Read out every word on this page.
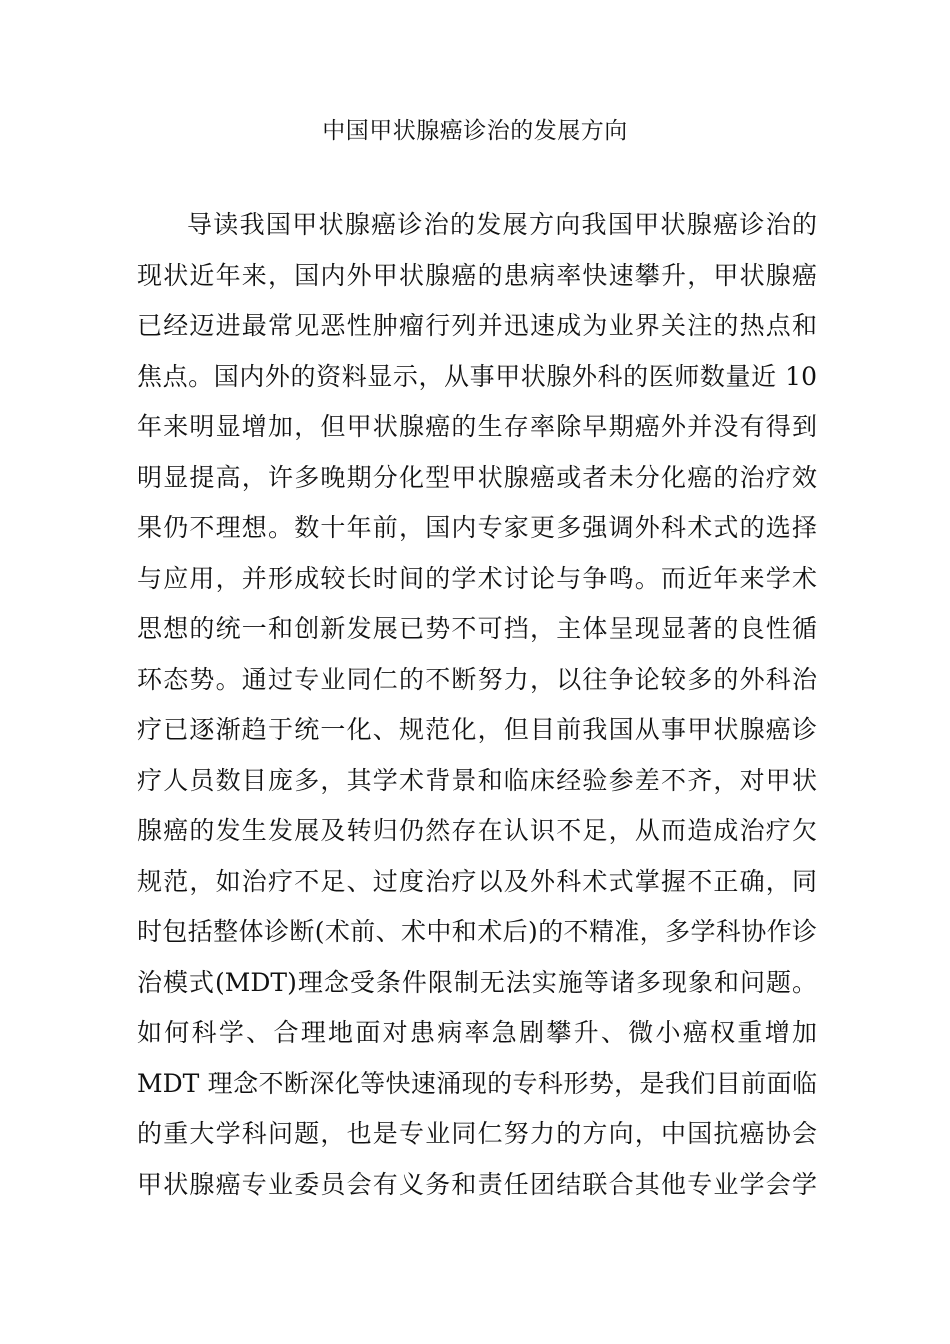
中国甲状腺癌诊治的发展方向
导读我国甲状腺癌诊治的发展方向我国甲状腺癌诊治的
现状近年来，国内外甲状腺癌的患病率快速攀升，甲状腺癌
已经迈进最常见恶性肿瘤行列并迅速成为业界关注的热点和
焦点。国内外的资料显示，从事甲状腺外科的医师数量近 10
年来明显增加，但甲状腺癌的生存率除早期癌外并没有得到
明显提高，许多晚期分化型甲状腺癌或者未分化癌的治疗效
果仍不理想。数十年前，国内专家更多强调外科术式的选择
与应用，并形成较长时间的学术讨论与争鸣。而近年来学术
思想的统一和创新发展已势不可挡，主体呈现显著的良性循
环态势。通过专业同仁的不断努力，以往争论较多的外科治
疗已逐渐趋于统一化、规范化，但目前我国从事甲状腺癌诊
疗人员数目庞多，其学术背景和临床经验参差不齐，对甲状
腺癌的发生发展及转归仍然存在认识不足，从而造成治疗欠
规范，如治疗不足、过度治疗以及外科术式掌握不正确，同
时包括整体诊断(术前、术中和术后)的不精准，多学科协作诊
治模式(MDT)理念受条件限制无法实施等诸多现象和问题。
如何科学、合理地面对患病率急剧攀升、微小癌权重增加
MDT 理念不断深化等快速涌现的专科形势，是我们目前面临
的重大学科问题，也是专业同仁努力的方向，中国抗癌协会
甲状腺癌专业委员会有义务和责任团结联合其他专业学会学
